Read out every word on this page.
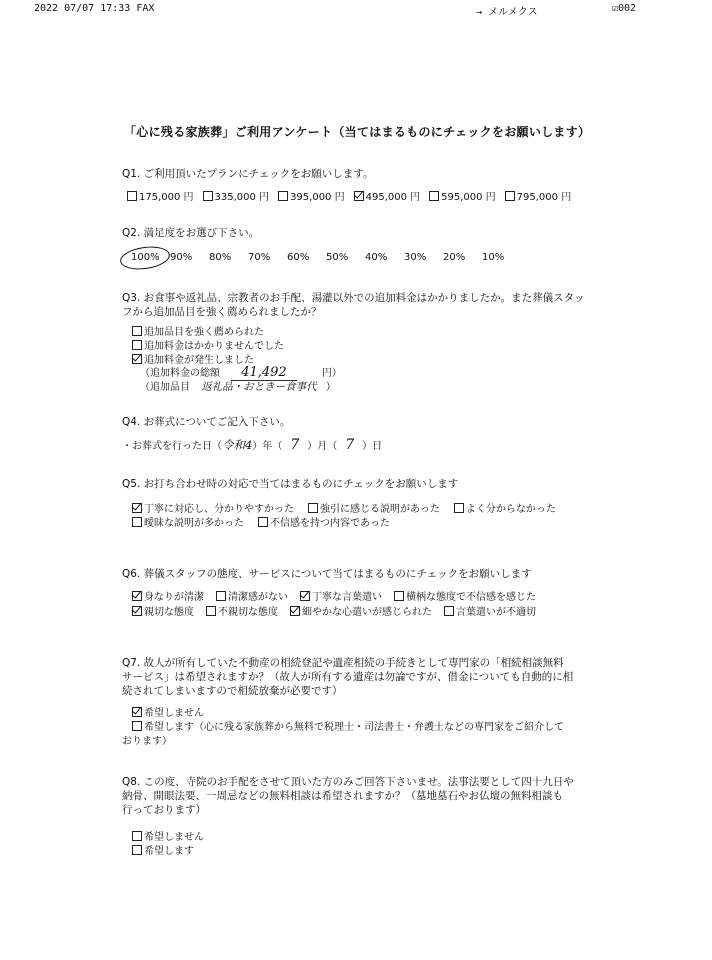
2022 07/07 17:33 FAX	→ メルメクス	☑002
「心に残る家族葬」ご利用アンケート（当てはまるものにチェックをお願いします）
Q1. ご利用頂いたプランにチェックをお願いします。
175,000 円	335,000 円	395,000 円	495,000 円	595,000 円	795,000 円
Q2. 満足度をお選び下さい。
100%	90%	80%	70%	60%	50%	40%	30%	20%	10%
Q3. お食事や返礼品、宗教者のお手配、湯灌以外での追加料金はかかりましたか。また葬儀スタッ
フから追加品目を強く薦められましたか？
追加品目を強く薦められた
追加料金はかかりませんでした
追加料金が発生しました
（追加料金の総額 41,492	円）
（追加品目 返礼品・おときー食事代 ）
Q4. お葬式についてご記入下さい。
・お葬式を行った日（令和4）年（ 7 ）月（ 7 ）日
Q5. お打ち合わせ時の対応で当てはまるものにチェックをお願いします
丁寧に対応し、分かりやすかった	強引に感じる説明があった	よく分からなかった
曖昧な説明が多かった	不信感を持つ内容であった
Q6. 葬儀スタッフの態度、サービスについて当てはまるものにチェックをお願いします
身なりが清潔	清潔感がない	丁寧な言葉遣い	横柄な態度で不信感を感じた
親切な態度	不親切な態度	細やかな心遣いが感じられた	言葉遣いが不適切
Q7. 故人が所有していた不動産の相続登記や遺産相続の手続きとして専門家の「相続相談無料
サービス」は希望されますか？（故人が所有する遺産は勿論ですが、借金についても自動的に相
続されてしまいますので相続放棄が必要です）
希望しません
希望します（心に残る家族葬から無料で税理士・司法書士・弁護士などの専門家をご紹介して
おります）
Q8. この度、寺院のお手配をさせて頂いた方のみご回答下さいませ。法事法要として四十九日や
納骨、開眼法要、一周忌などの無料相談は希望されますか？（墓地墓石やお仏壇の無料相談も
行っております）
希望しません
希望します
